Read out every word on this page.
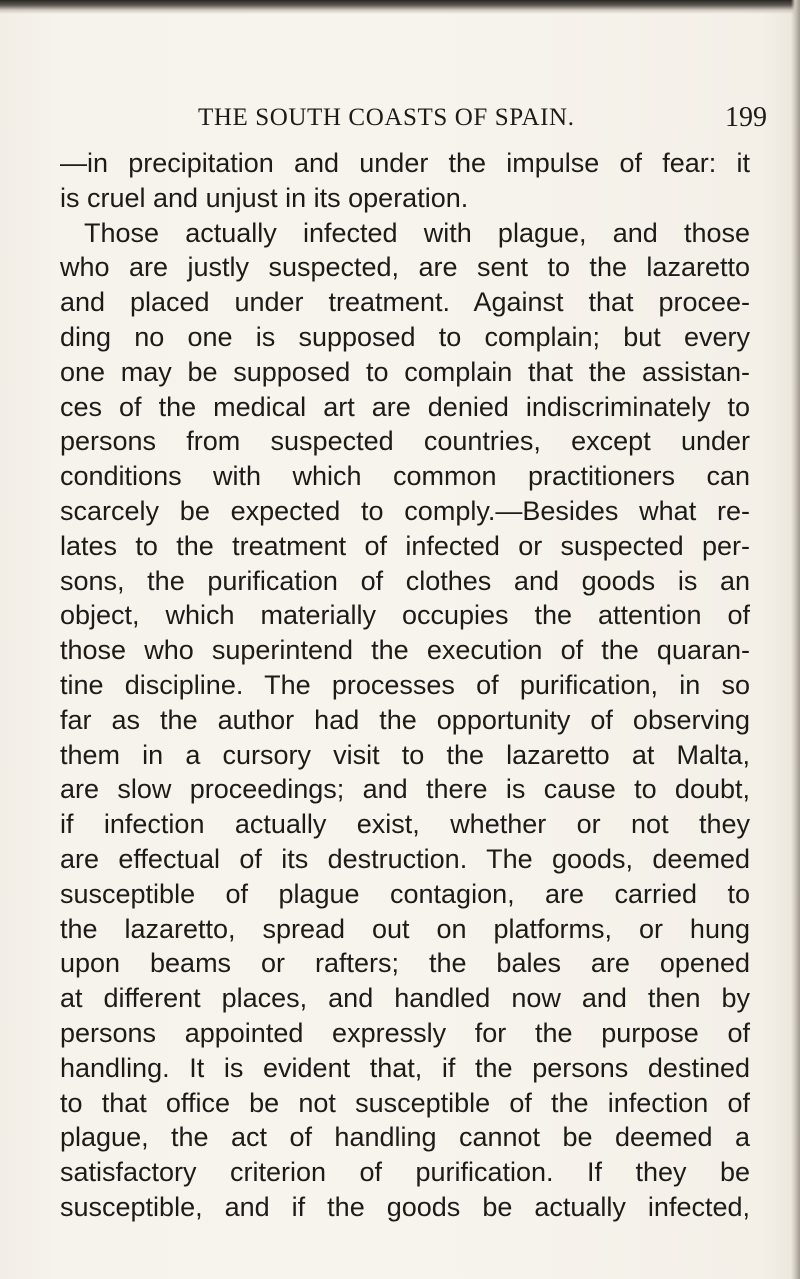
THE SOUTH COASTS OF SPAIN.	199
—in precipitation and under the impulse of fear: it
is cruel and unjust in its operation.
Those actually infected with plague, and those
who are justly suspected, are sent to the lazaretto
and placed under treatment. Against that procee-
ding no one is supposed to complain; but every
one may be supposed to complain that the assistan-
ces of the medical art are denied indiscriminately to
persons from suspected countries, except under
conditions with which common practitioners can
scarcely be expected to comply.—Besides what re-
lates to the treatment of infected or suspected per-
sons, the purification of clothes and goods is an
object, which materially occupies the attention of
those who superintend the execution of the quaran-
tine discipline. The processes of purification, in so
far as the author had the opportunity of observing
them in a cursory visit to the lazaretto at Malta,
are slow proceedings; and there is cause to doubt,
if infection actually exist, whether or not they
are effectual of its destruction. The goods, deemed
susceptible of plague contagion, are carried to
the lazaretto, spread out on platforms, or hung
upon beams or rafters; the bales are opened
at different places, and handled now and then by
persons appointed expressly for the purpose of
handling. It is evident that, if the persons destined
to that office be not susceptible of the infection of
plague, the act of handling cannot be deemed a
satisfactory criterion of purification. If they be
susceptible, and if the goods be actually infected,
